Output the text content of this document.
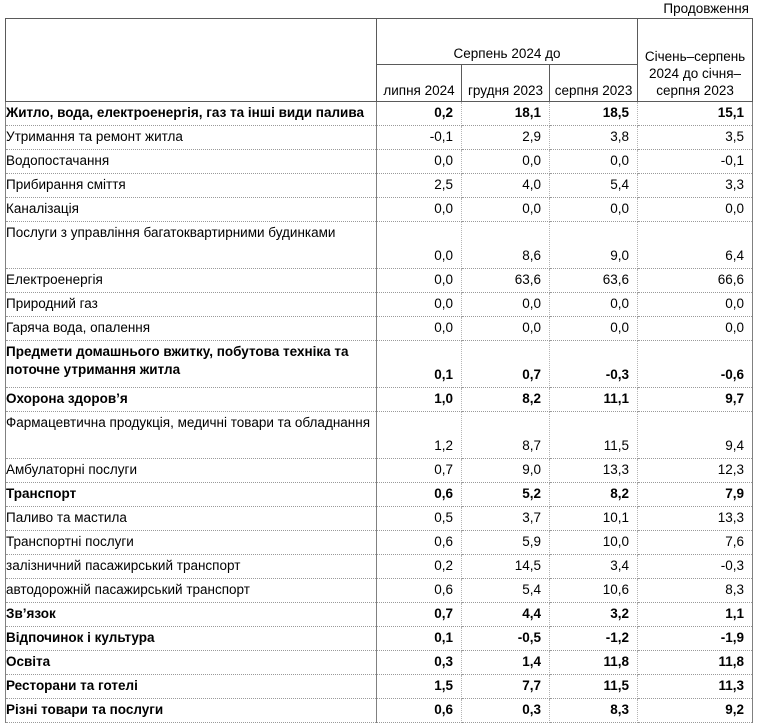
Продовження
	Серпень 2024 до			Січень–серпень 2024 до січня–серпня 2023
	липня 2024	грудня 2023	серпня 2023	
Житло, вода, електроенергія, газ та інші види палива	0,2	18,1	18,5	15,1
Утримання та ремонт житла	-0,1	2,9	3,8	3,5
Водопостачання	0,0	0,0	0,0	-0,1
Прибирання сміття	2,5	4,0	5,4	3,3
Каналізація	0,0	0,0	0,0	0,0
Послуги з управління багатоквартирними будинками	0,0	8,6	9,0	6,4
Електроенергія	0,0	63,6	63,6	66,6
Природний газ	0,0	0,0	0,0	0,0
Гаряча вода, опалення	0,0	0,0	0,0	0,0
Предмети домашнього вжитку, побутова техніка та поточне утримання житла	0,1	0,7	-0,3	-0,6
Охорона здоров’я	1,0	8,2	11,1	9,7
Фармацевтична продукція, медичні товари та обладнання	1,2	8,7	11,5	9,4
Амбулаторні послуги	0,7	9,0	13,3	12,3
Транспорт	0,6	5,2	8,2	7,9
Паливо та мастила	0,5	3,7	10,1	13,3
Транспортні послуги	0,6	5,9	10,0	7,6
залізничний пасажирський транспорт	0,2	14,5	3,4	-0,3
автодорожній пасажирський транспорт	0,6	5,4	10,6	8,3
Зв’язок	0,7	4,4	3,2	1,1
Відпочинок і культура	0,1	-0,5	-1,2	-1,9
Освіта	0,3	1,4	11,8	11,8
Ресторани та готелі	1,5	7,7	11,5	11,3
Різні товари та послуги	0,6	0,3	8,3	9,2
